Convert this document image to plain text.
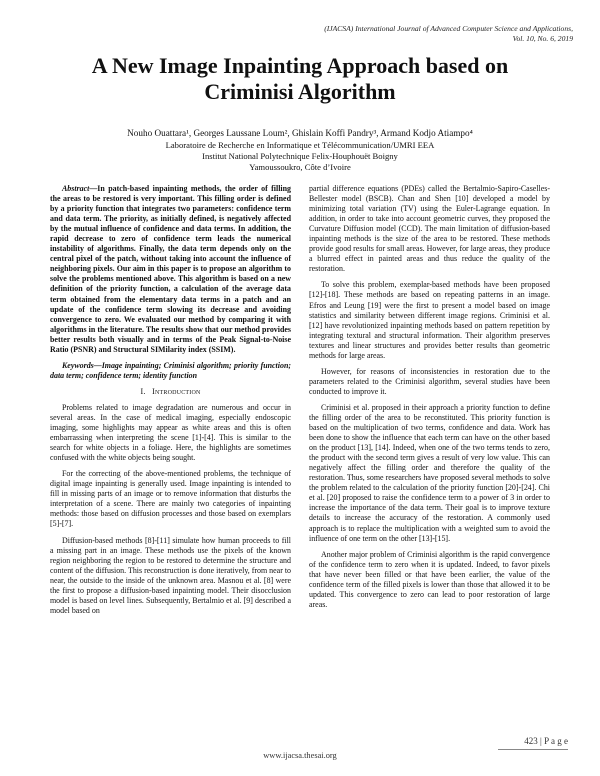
(IJACSA) International Journal of Advanced Computer Science and Applications,
Vol. 10, No. 6, 2019
A New Image Inpainting Approach based on Criminisi Algorithm
Nouho Ouattara¹, Georges Laussane Loum², Ghislain Koffi Pandry³, Armand Kodjo Atiampo⁴
Laboratoire de Recherche en Informatique et Télécommunication/UMRI EEA
Institut National Polytechnique Felix-Houphouët Boigny
Yamoussoukro, Côte d’Ivoire

Abstract—In patch-based inpainting methods, the order of filling the areas to be restored is very important. This filling order is defined by a priority function that integrates two parameters: confidence term and data term. The priority, as initially defined, is negatively affected by the mutual influence of confidence and data terms. In addition, the rapid decrease to zero of confidence term leads the numerical instability of algorithms. Finally, the data term depends only on the central pixel of the patch, without taking into account the influence of neighboring pixels. Our aim in this paper is to propose an algorithm to solve the problems mentioned above. This algorithm is based on a new definition of the priority function, a calculation of the average data term obtained from the elementary data terms in a patch and an update of the confidence term slowing its decrease and avoiding convergence to zero. We evaluated our method by comparing it with algorithms in the literature. The results show that our method provides better results both visually and in terms of the Peak Signal-to-Noise Ratio (PSNR) and Structural SIMilarity index (SSIM).

Keywords—Image inpainting; Criminisi algorithm; priority function; data term; confidence term; identity function

I. Introduction

Problems related to image degradation are numerous and occur in several areas. In the case of medical imaging, especially endoscopic imaging, some highlights may appear as white areas and this is often embarrassing when interpreting the scene [1]-[4]. This is similar to the search for white objects in a foliage. Here, the highlights are sometimes confused with the white objects being sought.

For the correcting of the above-mentioned problems, the technique of digital image inpainting is generally used. Image inpainting is intended to fill in missing parts of an image or to remove information that disturbs the interpretation of a scene. There are mainly two categories of inpainting methods: those based on diffusion processes and those based on exemplars [5]-[7].

Diffusion-based methods [8]-[11] simulate how human proceeds to fill a missing part in an image. These methods use the pixels of the known region neighboring the region to be restored to determine the structure and content of the diffusion. This reconstruction is done iteratively, from near to near, the outside to the inside of the unknown area. Masnou et al. [8] were the first to propose a diffusion-based inpainting model. Their disocclusion model is based on level lines. Subsequently, Bertalmio et al. [9] described a model based on

partial difference equations (PDEs) called the Bertalmio-Sapiro-Caselles-Bellester model (BSCB). Chan and Shen [10] developed a model by minimizing total variation (TV) using the Euler-Lagrange equation. In addition, in order to take into account geometric curves, they proposed the Curvature Diffusion model (CCD). The main limitation of diffusion-based inpainting methods is the size of the area to be restored. These methods provide good results for small areas. However, for large areas, they produce a blurred effect in painted areas and thus reduce the quality of the restoration.

To solve this problem, exemplar-based methods have been proposed [12]-[18]. These methods are based on repeating patterns in an image. Efros and Leung [19] were the first to present a model based on image statistics and similarity between different image regions. Criminisi et al. [12] have revolutionized inpainting methods based on pattern repetition by integrating textural and structural information. Their algorithm preserves textures and linear structures and provides better results than geometric methods for large areas.

However, for reasons of inconsistencies in restoration due to the parameters related to the Criminisi algorithm, several studies have been conducted to improve it.

Criminisi et al. proposed in their approach a priority function to define the filling order of the area to be reconstituted. This priority function is based on the multiplication of two terms, confidence and data. Work has been done to show the influence that each term can have on the other based on the product [13], [14]. Indeed, when one of the two terms tends to zero, the product with the second term gives a result of very low value. This can negatively affect the filling order and therefore the quality of the restoration. Thus, some researchers have proposed several methods to solve the problem related to the calculation of the priority function [20]-[24]. Chi et al. [20] proposed to raise the confidence term to a power of 3 in order to increase the importance of the data term. Their goal is to improve texture details to increase the accuracy of the restoration. A commonly used approach is to replace the multiplication with a weighted sum to avoid the influence of one term on the other [13]-[15].

Another major problem of Criminisi algorithm is the rapid convergence of the confidence term to zero when it is updated. Indeed, to favor pixels that have never been filled or that have been earlier, the value of the confidence term of the filled pixels is lower than those that allowed it to be updated. This convergence to zero can lead to poor restoration of large areas.

423 | P a g e
www.ijacsa.thesai.org
